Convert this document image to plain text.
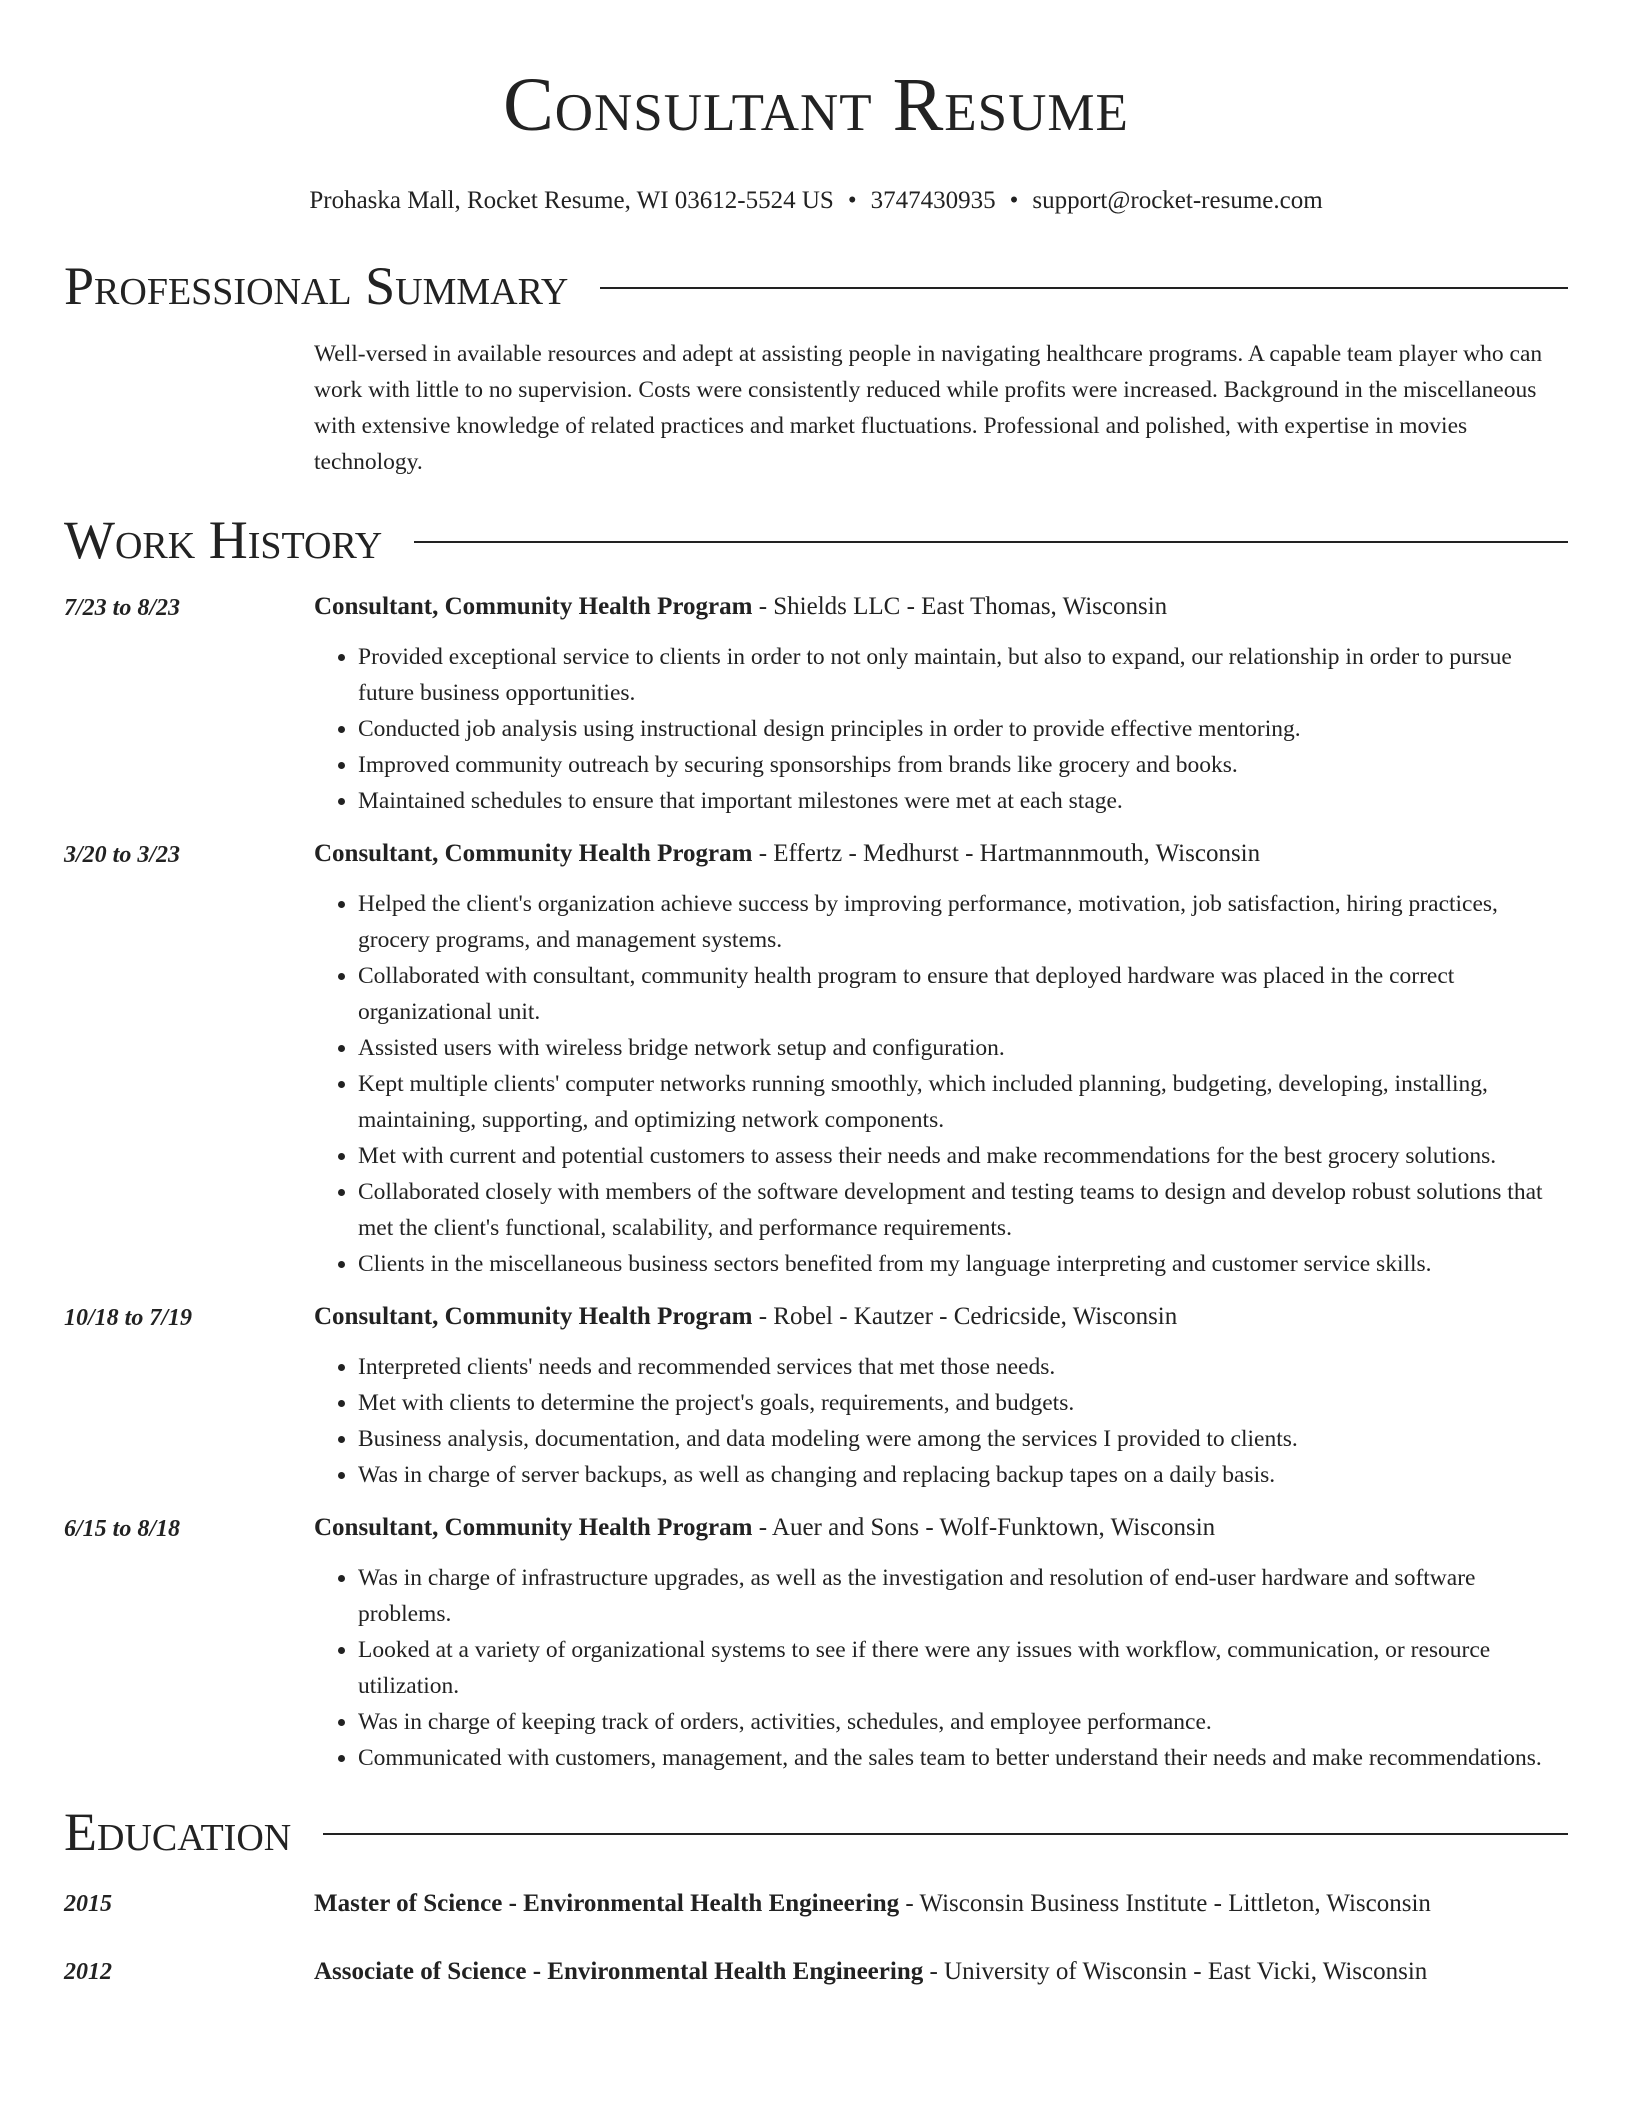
Consultant Resume
Prohaska Mall, Rocket Resume, WI 03612-5524 US • 3747430935 • support@rocket-resume.com
Professional Summary
Well-versed in available resources and adept at assisting people in navigating healthcare programs. A capable team player who can work with little to no supervision. Costs were consistently reduced while profits were increased. Background in the miscellaneous with extensive knowledge of related practices and market fluctuations. Professional and polished, with expertise in movies technology.
Work History
7/23 to 8/23	Consultant, Community Health Program - Shields LLC - East Thomas, Wisconsin
• Provided exceptional service to clients in order to not only maintain, but also to expand, our relationship in order to pursue future business opportunities.
• Conducted job analysis using instructional design principles in order to provide effective mentoring.
• Improved community outreach by securing sponsorships from brands like grocery and books.
• Maintained schedules to ensure that important milestones were met at each stage.
3/20 to 3/23	Consultant, Community Health Program - Effertz - Medhurst - Hartmannmouth, Wisconsin
• Helped the client's organization achieve success by improving performance, motivation, job satisfaction, hiring practices, grocery programs, and management systems.
• Collaborated with consultant, community health program to ensure that deployed hardware was placed in the correct organizational unit.
• Assisted users with wireless bridge network setup and configuration.
• Kept multiple clients' computer networks running smoothly, which included planning, budgeting, developing, installing, maintaining, supporting, and optimizing network components.
• Met with current and potential customers to assess their needs and make recommendations for the best grocery solutions.
• Collaborated closely with members of the software development and testing teams to design and develop robust solutions that met the client's functional, scalability, and performance requirements.
• Clients in the miscellaneous business sectors benefited from my language interpreting and customer service skills.
10/18 to 7/19	Consultant, Community Health Program - Robel - Kautzer - Cedricside, Wisconsin
• Interpreted clients' needs and recommended services that met those needs.
• Met with clients to determine the project's goals, requirements, and budgets.
• Business analysis, documentation, and data modeling were among the services I provided to clients.
• Was in charge of server backups, as well as changing and replacing backup tapes on a daily basis.
6/15 to 8/18	Consultant, Community Health Program - Auer and Sons - Wolf-Funktown, Wisconsin
• Was in charge of infrastructure upgrades, as well as the investigation and resolution of end-user hardware and software problems.
• Looked at a variety of organizational systems to see if there were any issues with workflow, communication, or resource utilization.
• Was in charge of keeping track of orders, activities, schedules, and employee performance.
• Communicated with customers, management, and the sales team to better understand their needs and make recommendations.
Education
2015	Master of Science - Environmental Health Engineering - Wisconsin Business Institute - Littleton, Wisconsin
2012	Associate of Science - Environmental Health Engineering - University of Wisconsin - East Vicki, Wisconsin
